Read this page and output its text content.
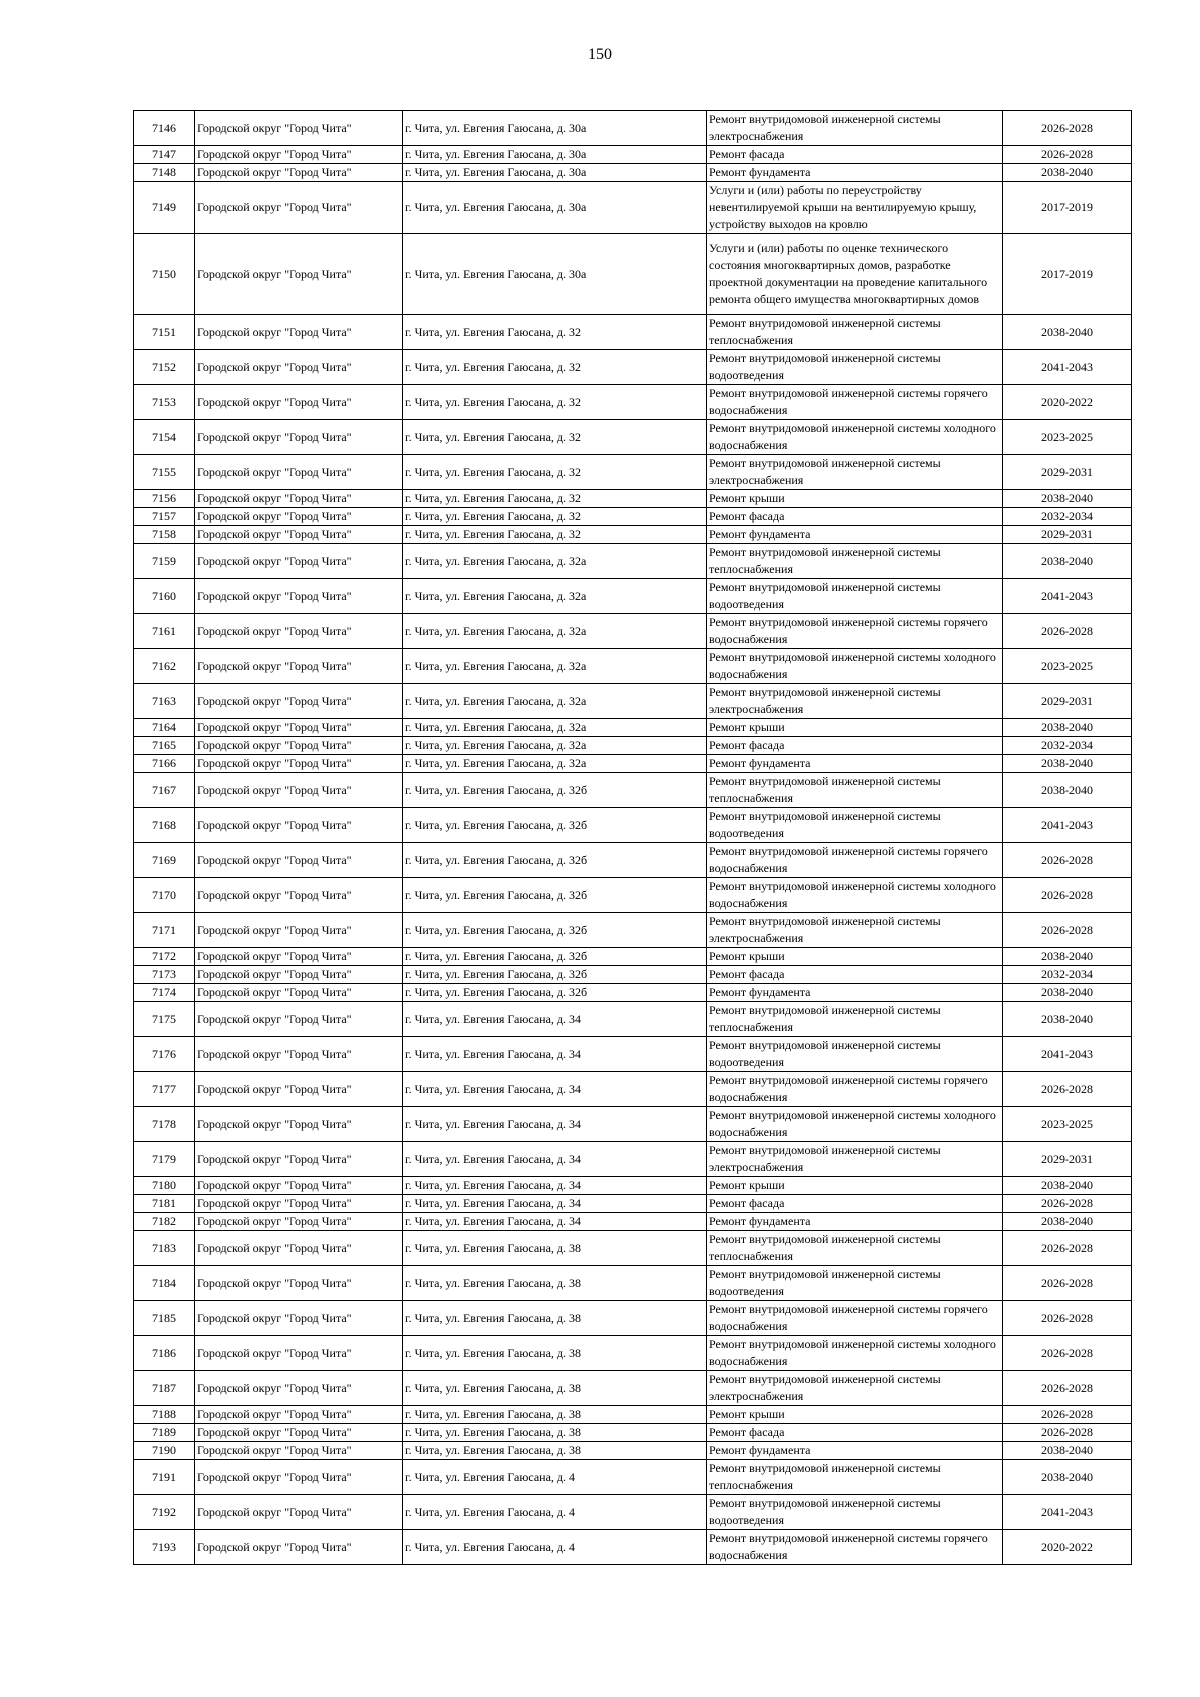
150
7146	Городской округ "Город Чита"	г. Чита, ул. Евгения Гаюсана, д. 30а	Ремонт внутридомовой инженерной системы электроснабжения	2026-2028
7147	Городской округ "Город Чита"	г. Чита, ул. Евгения Гаюсана, д. 30а	Ремонт фасада	2026-2028
7148	Городской округ "Город Чита"	г. Чита, ул. Евгения Гаюсана, д. 30а	Ремонт фундамента	2038-2040
7149	Городской округ "Город Чита"	г. Чита, ул. Евгения Гаюсана, д. 30а	Услуги и (или) работы по переустройству невентилируемой крыши на вентилируемую крышу, устройству выходов на кровлю	2017-2019
7150	Городской округ "Город Чита"	г. Чита, ул. Евгения Гаюсана, д. 30а	Услуги и (или) работы по оценке технического состояния многоквартирных домов, разработке проектной документации на проведение капитального ремонта общего имущества многоквартирных домов	2017-2019
7151	Городской округ "Город Чита"	г. Чита, ул. Евгения Гаюсана, д. 32	Ремонт внутридомовой инженерной системы теплоснабжения	2038-2040
7152	Городской округ "Город Чита"	г. Чита, ул. Евгения Гаюсана, д. 32	Ремонт внутридомовой инженерной системы водоотведения	2041-2043
7153	Городской округ "Город Чита"	г. Чита, ул. Евгения Гаюсана, д. 32	Ремонт внутридомовой инженерной системы горячего водоснабжения	2020-2022
7154	Городской округ "Город Чита"	г. Чита, ул. Евгения Гаюсана, д. 32	Ремонт внутридомовой инженерной системы холодного водоснабжения	2023-2025
7155	Городской округ "Город Чита"	г. Чита, ул. Евгения Гаюсана, д. 32	Ремонт внутридомовой инженерной системы электроснабжения	2029-2031
7156	Городской округ "Город Чита"	г. Чита, ул. Евгения Гаюсана, д. 32	Ремонт крыши	2038-2040
7157	Городской округ "Город Чита"	г. Чита, ул. Евгения Гаюсана, д. 32	Ремонт фасада	2032-2034
7158	Городской округ "Город Чита"	г. Чита, ул. Евгения Гаюсана, д. 32	Ремонт фундамента	2029-2031
7159	Городской округ "Город Чита"	г. Чита, ул. Евгения Гаюсана, д. 32а	Ремонт внутридомовой инженерной системы теплоснабжения	2038-2040
7160	Городской округ "Город Чита"	г. Чита, ул. Евгения Гаюсана, д. 32а	Ремонт внутридомовой инженерной системы водоотведения	2041-2043
7161	Городской округ "Город Чита"	г. Чита, ул. Евгения Гаюсана, д. 32а	Ремонт внутридомовой инженерной системы горячего водоснабжения	2026-2028
7162	Городской округ "Город Чита"	г. Чита, ул. Евгения Гаюсана, д. 32а	Ремонт внутридомовой инженерной системы холодного водоснабжения	2023-2025
7163	Городской округ "Город Чита"	г. Чита, ул. Евгения Гаюсана, д. 32а	Ремонт внутридомовой инженерной системы электроснабжения	2029-2031
7164	Городской округ "Город Чита"	г. Чита, ул. Евгения Гаюсана, д. 32а	Ремонт крыши	2038-2040
7165	Городской округ "Город Чита"	г. Чита, ул. Евгения Гаюсана, д. 32а	Ремонт фасада	2032-2034
7166	Городской округ "Город Чита"	г. Чита, ул. Евгения Гаюсана, д. 32а	Ремонт фундамента	2038-2040
7167	Городской округ "Город Чита"	г. Чита, ул. Евгения Гаюсана, д. 32б	Ремонт внутридомовой инженерной системы теплоснабжения	2038-2040
7168	Городской округ "Город Чита"	г. Чита, ул. Евгения Гаюсана, д. 32б	Ремонт внутридомовой инженерной системы водоотведения	2041-2043
7169	Городской округ "Город Чита"	г. Чита, ул. Евгения Гаюсана, д. 32б	Ремонт внутридомовой инженерной системы горячего водоснабжения	2026-2028
7170	Городской округ "Город Чита"	г. Чита, ул. Евгения Гаюсана, д. 32б	Ремонт внутридомовой инженерной системы холодного водоснабжения	2026-2028
7171	Городской округ "Город Чита"	г. Чита, ул. Евгения Гаюсана, д. 32б	Ремонт внутридомовой инженерной системы электроснабжения	2026-2028
7172	Городской округ "Город Чита"	г. Чита, ул. Евгения Гаюсана, д. 32б	Ремонт крыши	2038-2040
7173	Городской округ "Город Чита"	г. Чита, ул. Евгения Гаюсана, д. 32б	Ремонт фасада	2032-2034
7174	Городской округ "Город Чита"	г. Чита, ул. Евгения Гаюсана, д. 32б	Ремонт фундамента	2038-2040
7175	Городской округ "Город Чита"	г. Чита, ул. Евгения Гаюсана, д. 34	Ремонт внутридомовой инженерной системы теплоснабжения	2038-2040
7176	Городской округ "Город Чита"	г. Чита, ул. Евгения Гаюсана, д. 34	Ремонт внутридомовой инженерной системы водоотведения	2041-2043
7177	Городской округ "Город Чита"	г. Чита, ул. Евгения Гаюсана, д. 34	Ремонт внутридомовой инженерной системы горячего водоснабжения	2026-2028
7178	Городской округ "Город Чита"	г. Чита, ул. Евгения Гаюсана, д. 34	Ремонт внутридомовой инженерной системы холодного водоснабжения	2023-2025
7179	Городской округ "Город Чита"	г. Чита, ул. Евгения Гаюсана, д. 34	Ремонт внутридомовой инженерной системы электроснабжения	2029-2031
7180	Городской округ "Город Чита"	г. Чита, ул. Евгения Гаюсана, д. 34	Ремонт крыши	2038-2040
7181	Городской округ "Город Чита"	г. Чита, ул. Евгения Гаюсана, д. 34	Ремонт фасада	2026-2028
7182	Городской округ "Город Чита"	г. Чита, ул. Евгения Гаюсана, д. 34	Ремонт фундамента	2038-2040
7183	Городской округ "Город Чита"	г. Чита, ул. Евгения Гаюсана, д. 38	Ремонт внутридомовой инженерной системы теплоснабжения	2026-2028
7184	Городской округ "Город Чита"	г. Чита, ул. Евгения Гаюсана, д. 38	Ремонт внутридомовой инженерной системы водоотведения	2026-2028
7185	Городской округ "Город Чита"	г. Чита, ул. Евгения Гаюсана, д. 38	Ремонт внутридомовой инженерной системы горячего водоснабжения	2026-2028
7186	Городской округ "Город Чита"	г. Чита, ул. Евгения Гаюсана, д. 38	Ремонт внутридомовой инженерной системы холодного водоснабжения	2026-2028
7187	Городской округ "Город Чита"	г. Чита, ул. Евгения Гаюсана, д. 38	Ремонт внутридомовой инженерной системы электроснабжения	2026-2028
7188	Городской округ "Город Чита"	г. Чита, ул. Евгения Гаюсана, д. 38	Ремонт крыши	2026-2028
7189	Городской округ "Город Чита"	г. Чита, ул. Евгения Гаюсана, д. 38	Ремонт фасада	2026-2028
7190	Городской округ "Город Чита"	г. Чита, ул. Евгения Гаюсана, д. 38	Ремонт фундамента	2038-2040
7191	Городской округ "Город Чита"	г. Чита, ул. Евгения Гаюсана, д. 4	Ремонт внутридомовой инженерной системы теплоснабжения	2038-2040
7192	Городской округ "Город Чита"	г. Чита, ул. Евгения Гаюсана, д. 4	Ремонт внутридомовой инженерной системы водоотведения	2041-2043
7193	Городской округ "Город Чита"	г. Чита, ул. Евгения Гаюсана, д. 4	Ремонт внутридомовой инженерной системы горячего водоснабжения	2020-2022
